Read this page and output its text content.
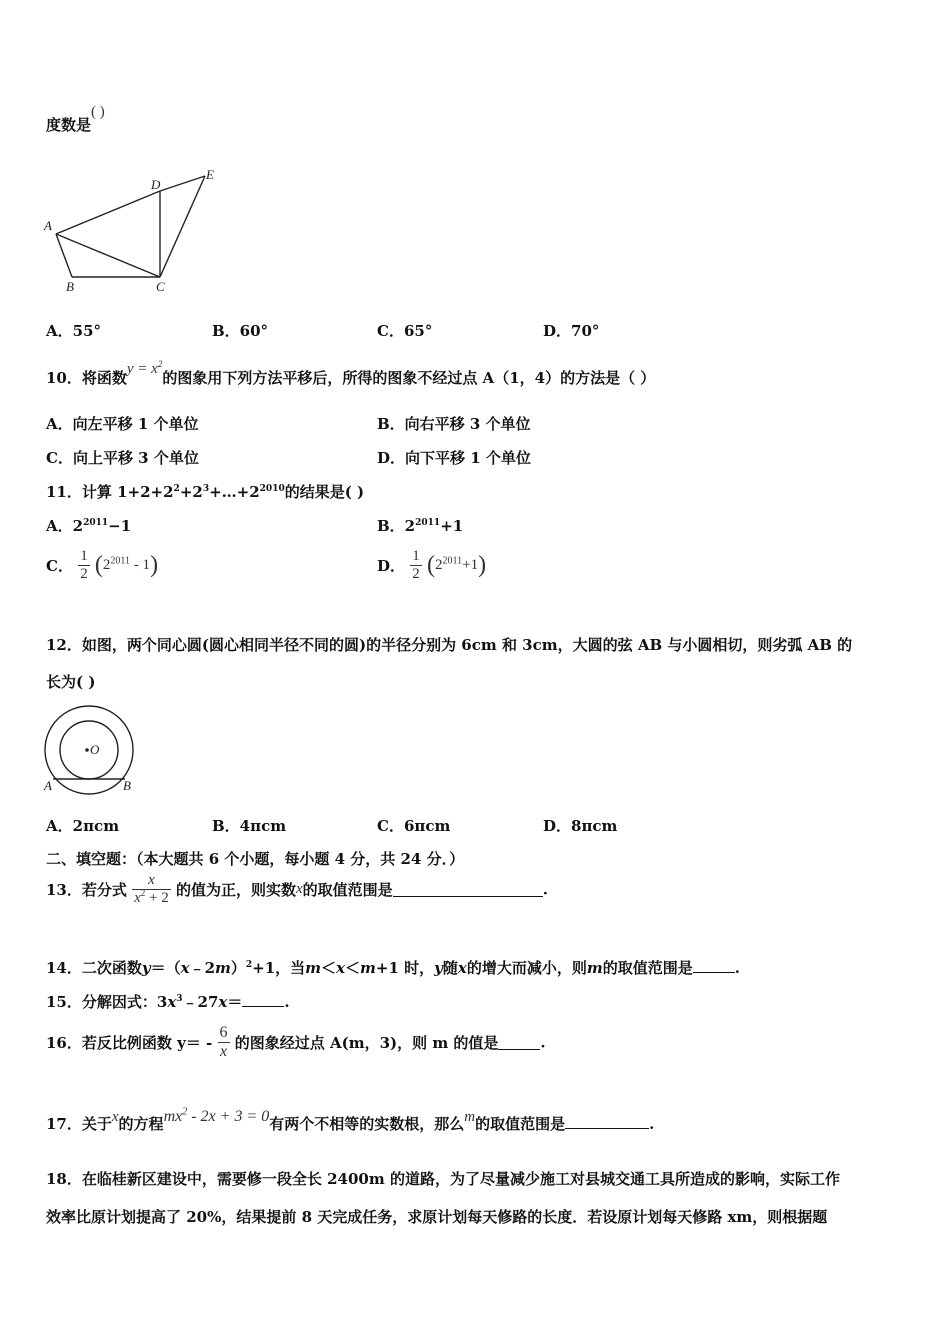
度数是( )
A
B	C
D
E
A．55°	B．60°	C．65°	D．70°
10．将函数$y = x^2$的图象用下列方法平移后，所得的图象不经过点 A（1，4）的方法是（ ）
A．向左平移 1 个单位	B．向右平移 3 个单位
C．向上平移 3 个单位	D．向下平移 1 个单位
11．计算 $1+2+2^2+2^3+\dots+2^{2010}$的结果是( )
A．$2^{2011}-1$	B．$2^{2011}+1$
C． $\frac{1}{2} (2^{2011} - 1)$	D． $\frac{1}{2} (2^{2011}+1)$
12．如图，两个同心圆(圆心相同半径不同的圆)的半径分别为 6cm 和 3cm，大圆的弦 AB 与小圆相切，则劣弧 AB 的
长为( )
O
A	B
A．2πcm	B．4πcm	C．6πcm	D．8πcm
二、填空题：（本大题共 6 个小题，每小题 4 分，共 24 分．）
13．若分式 $\frac{x}{x^2 + 2}$ 的值为正，则实数x的取值范围是	.
14．二次函数y＝（x﹣2m）$^2$+1，当m＜x＜m+1 时，y随x的增大而减小，则m的取值范围是	.
15．分解因式：$3x^3﹣27x=$	.
16．若反比例函数 $y= - \frac{6}{x}$ 的图象经过点 A(m，3)，则 m 的值是	.
17．关于x的方程$mx^2 - 2x + 3 = 0$有两个不相等的实数根，那么m的取值范围是	.
18．在临桂新区建设中，需要修一段全长 2400m 的道路，为了尽量减少施工对县城交通工具所造成的影响，实际工作
效率比原计划提高了 20%，结果提前 8 天完成任务，求原计划每天修路的长度．若设原计划每天修路 xm，则根据题
